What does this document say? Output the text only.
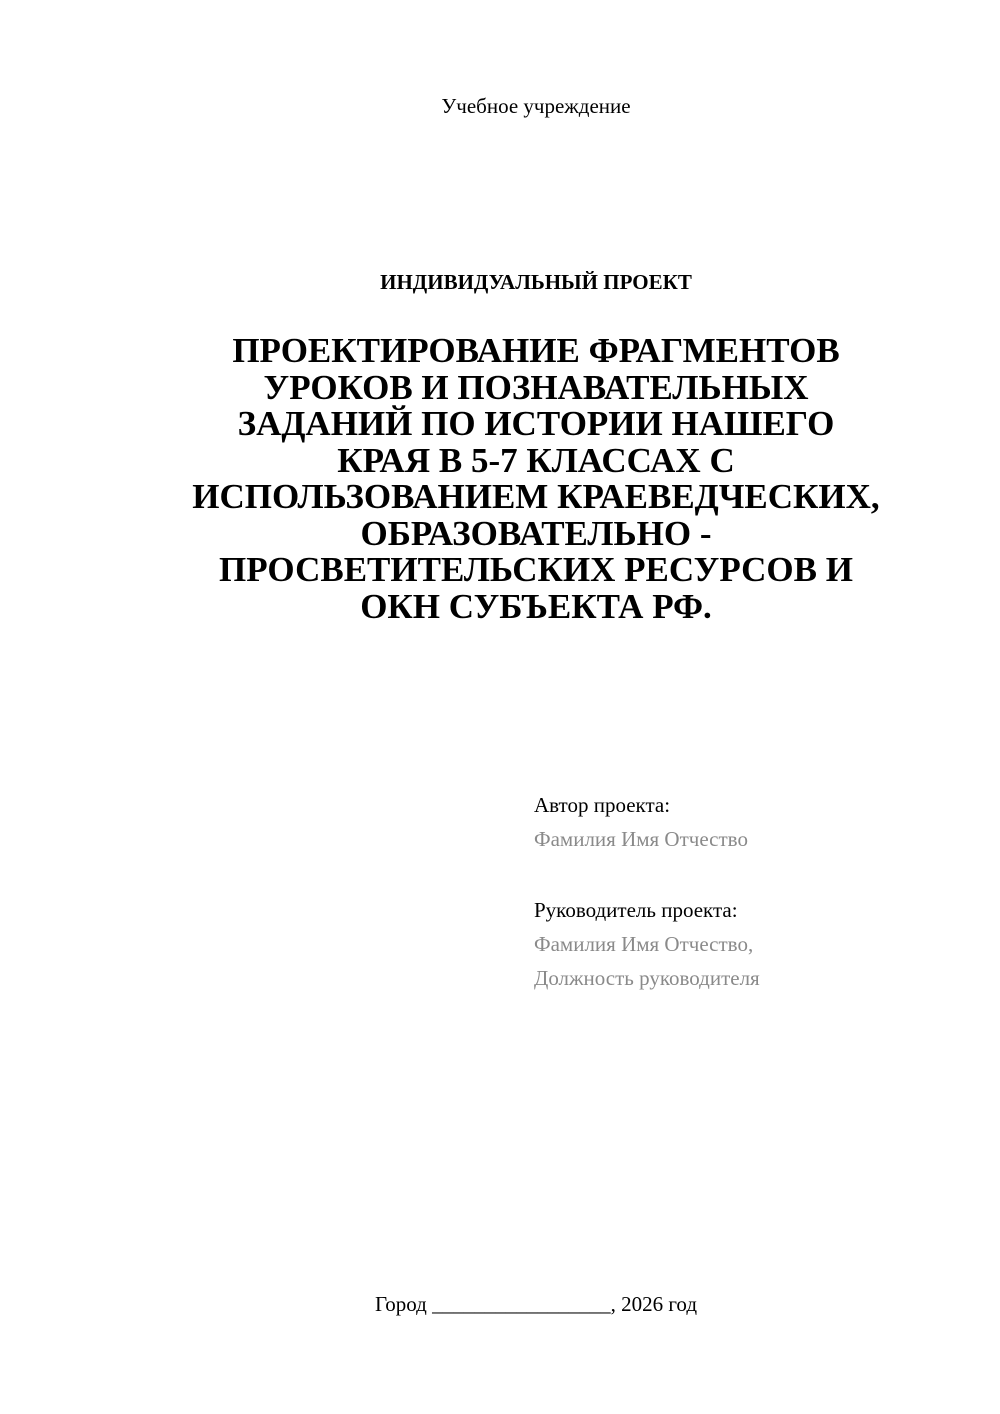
Учебное учреждение
ИНДИВИДУАЛЬНЫЙ ПРОЕКТ
ПРОЕКТИРОВАНИЕ ФРАГМЕНТОВ
УРОКОВ И ПОЗНАВАТЕЛЬНЫХ
ЗАДАНИЙ ПО ИСТОРИИ НАШЕГО
КРАЯ В 5-7 КЛАССАХ С
ИСПОЛЬЗОВАНИЕМ КРАЕВЕДЧЕСКИХ,
ОБРАЗОВАТЕЛЬНО -
ПРОСВЕТИТЕЛЬСКИХ РЕСУРСОВ И
ОКН СУБЪЕКТА РФ.
Автор проекта:
Фамилия Имя Отчество
Руководитель проекта:
Фамилия Имя Отчество,
Должность руководителя
Город _________________, 2026 год
